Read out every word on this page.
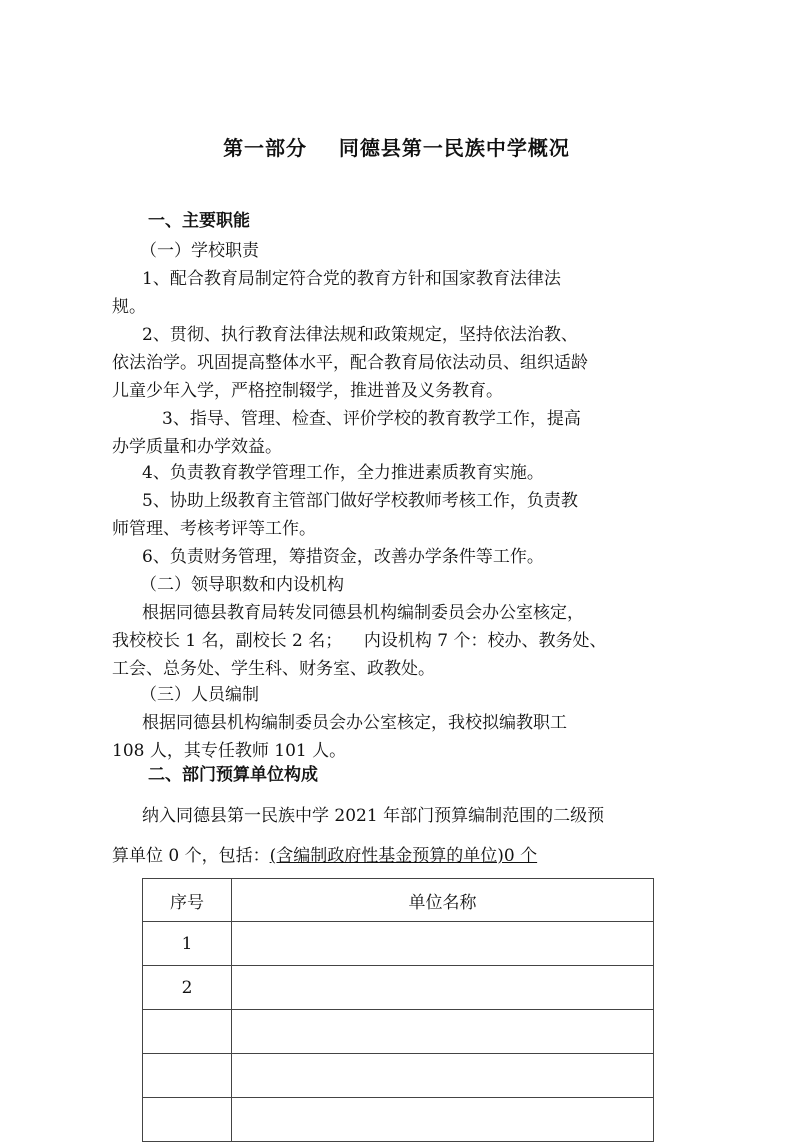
第一部分    同德县第一民族中学概况
一、主要职能
（一）学校职责
1、配合教育局制定符合党的教育方针和国家教育法律法
规。
2、贯彻、执行教育法律法规和政策规定，坚持依法治教、
依法治学。巩固提高整体水平，配合教育局依法动员、组织适龄
儿童少年入学，严格控制辍学，推进普及义务教育。
3、指导、管理、检查、评价学校的教育教学工作，提高
办学质量和办学效益。
4、负责教育教学管理工作，全力推进素质教育实施。
5、协助上级教育主管部门做好学校教师考核工作，负责教
师管理、考核考评等工作。
6、负责财务管理，筹措资金，改善办学条件等工作。
（二）领导职数和内设机构
根据同德县教育局转发同德县机构编制委员会办公室核定，
我校校长 1 名，副校长 2 名；    内设机构 7 个：校办、教务处、
工会、总务处、学生科、财务室、政教处。
（三）人员编制
根据同德县机构编制委员会办公室核定，我校拟编教职工
108 人，其专任教师 101 人。
二、部门预算单位构成
纳入同德县第一民族中学 2021 年部门预算编制范围的二级预
算单位 0 个，包括：(含编制政府性基金预算的单位)0 个
序号	单位名称
1	
2	
